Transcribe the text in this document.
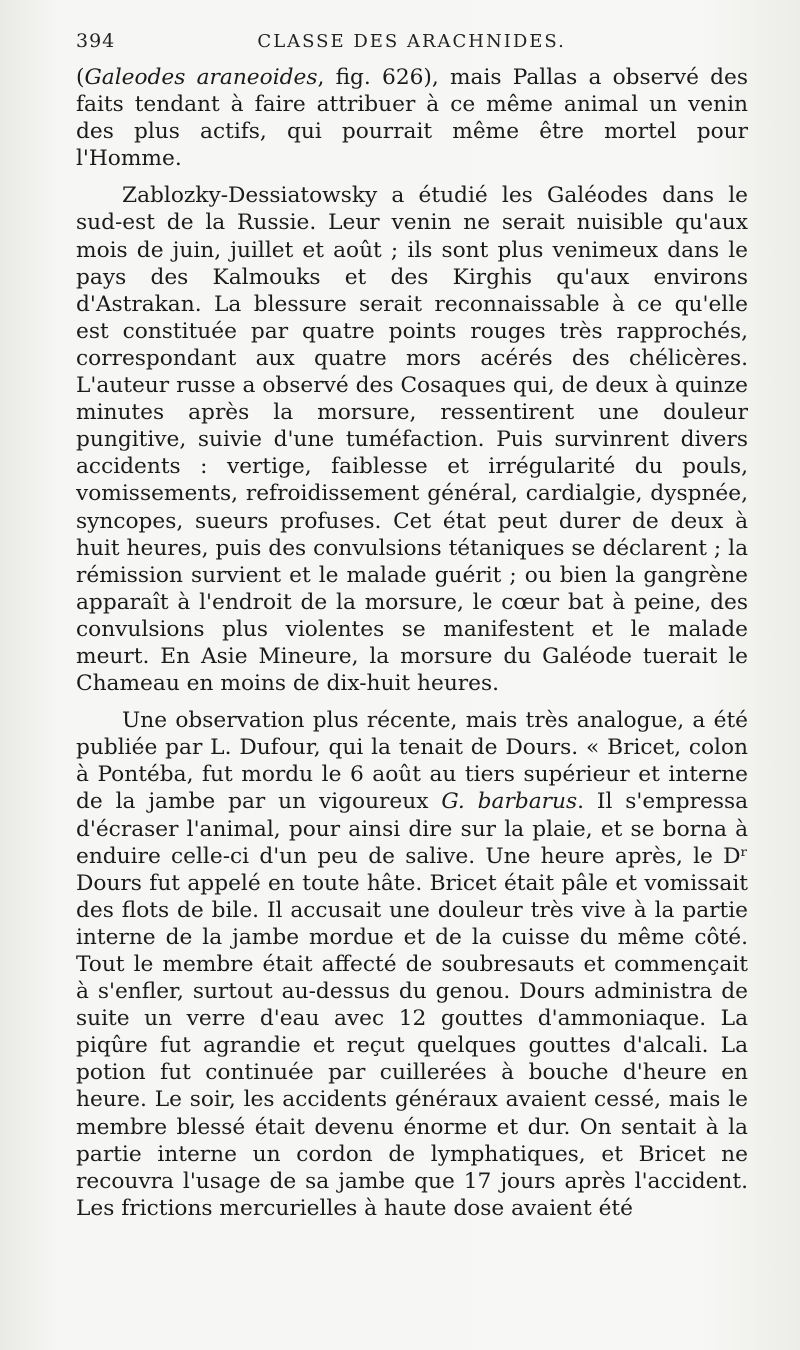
394	CLASSE DES ARACHNIDES.

(Galeodes araneoides, fig. 626), mais Pallas a observé des faits tendant à faire attribuer à ce même animal un venin des plus actifs, qui pourrait même être mortel pour l'Homme.

Zablozky-Dessiatowsky a étudié les Galéodes dans le sud-est de la Russie. Leur venin ne serait nuisible qu'aux mois de juin, juillet et août ; ils sont plus venimeux dans le pays des Kalmouks et des Kirghis qu'aux environs d'Astrakan. La blessure serait reconnaissable à ce qu'elle est constituée par quatre points rouges très rapprochés, correspondant aux quatre mors acérés des chélicères. L'auteur russe a observé des Cosaques qui, de deux à quinze minutes après la morsure, ressentirent une douleur pungitive, suivie d'une tuméfaction. Puis survinrent divers accidents : vertige, faiblesse et irrégularité du pouls, vomissements, refroidissement général, cardialgie, dyspnée, syncopes, sueurs profuses. Cet état peut durer de deux à huit heures, puis des convulsions tétaniques se déclarent ; la rémission survient et le malade guérit ; ou bien la gangrène apparaît à l'endroit de la morsure, le cœur bat à peine, des convulsions plus violentes se manifestent et le malade meurt. En Asie Mineure, la morsure du Galéode tuerait le Chameau en moins de dix-huit heures.

Une observation plus récente, mais très analogue, a été publiée par L. Dufour, qui la tenait de Dours. « Bricet, colon à Pontéba, fut mordu le 6 août au tiers supérieur et interne de la jambe par un vigoureux G. barbarus. Il s'empressa d'écraser l'animal, pour ainsi dire sur la plaie, et se borna à enduire celle-ci d'un peu de salive. Une heure après, le Dʳ Dours fut appelé en toute hâte. Bricet était pâle et vomissait des flots de bile. Il accusait une douleur très vive à la partie interne de la jambe mordue et de la cuisse du même côté. Tout le membre était affecté de soubresauts et commençait à s'enfler, surtout au-dessus du genou. Dours administra de suite un verre d'eau avec 12 gouttes d'ammoniaque. La piqûre fut agrandie et reçut quelques gouttes d'alcali. La potion fut continuée par cuillerées à bouche d'heure en heure. Le soir, les accidents généraux avaient cessé, mais le membre blessé était devenu énorme et dur. On sentait à la partie interne un cordon de lymphatiques, et Bricet ne recouvra l'usage de sa jambe que 17 jours après l'accident. Les frictions mercurielles à haute dose avaient été
